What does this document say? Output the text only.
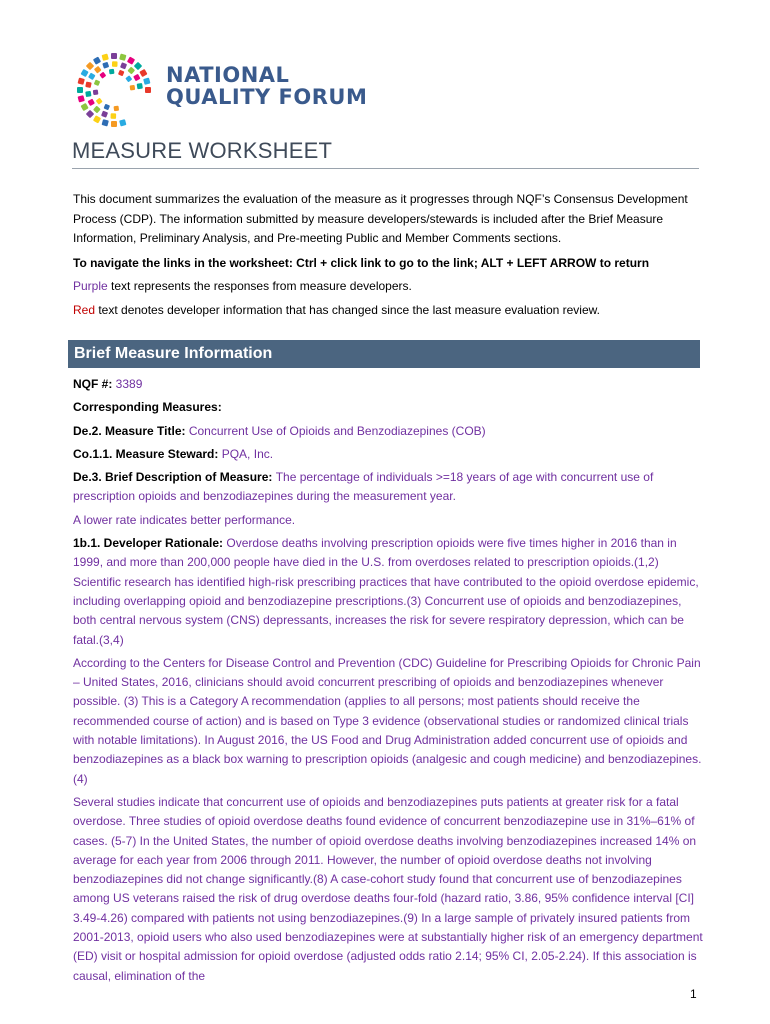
NATIONAL
QUALITY FORUM
MEASURE WORKSHEET

This document summarizes the evaluation of the measure as it progresses through NQF’s Consensus Development Process (CDP). The information submitted by measure developers/stewards is included after the Brief Measure Information, Preliminary Analysis, and Pre-meeting Public and Member Comments sections.

To navigate the links in the worksheet: Ctrl + click link to go to the link; ALT + LEFT ARROW to return

Purple text represents the responses from measure developers.

Red text denotes developer information that has changed since the last measure evaluation review.

Brief Measure Information

NQF #: 3389

Corresponding Measures:

De.2. Measure Title: Concurrent Use of Opioids and Benzodiazepines (COB)

Co.1.1. Measure Steward: PQA, Inc.

De.3. Brief Description of Measure: The percentage of individuals >=18 years of age with concurrent use of prescription opioids and benzodiazepines during the measurement year.

A lower rate indicates better performance.

1b.1. Developer Rationale: Overdose deaths involving prescription opioids were five times higher in 2016 than in 1999, and more than 200,000 people have died in the U.S. from overdoses related to prescription opioids.(1,2) Scientific research has identified high-risk prescribing practices that have contributed to the opioid overdose epidemic, including overlapping opioid and benzodiazepine prescriptions.(3) Concurrent use of opioids and benzodiazepines, both central nervous system (CNS) depressants, increases the risk for severe respiratory depression, which can be fatal.(3,4)

According to the Centers for Disease Control and Prevention (CDC) Guideline for Prescribing Opioids for Chronic Pain – United States, 2016, clinicians should avoid concurrent prescribing of opioids and benzodiazepines whenever possible. (3) This is a Category A recommendation (applies to all persons; most patients should receive the recommended course of action) and is based on Type 3 evidence (observational studies or randomized clinical trials with notable limitations). In August 2016, the US Food and Drug Administration added concurrent use of opioids and benzodiazepines as a black box warning to prescription opioids (analgesic and cough medicine) and benzodiazepines. (4)

Several studies indicate that concurrent use of opioids and benzodiazepines puts patients at greater risk for a fatal overdose. Three studies of opioid overdose deaths found evidence of concurrent benzodiazepine use in 31%–61% of cases. (5-7) In the United States, the number of opioid overdose deaths involving benzodiazepines increased 14% on average for each year from 2006 through 2011. However, the number of opioid overdose deaths not involving benzodiazepines did not change significantly.(8) A case-cohort study found that concurrent use of benzodiazepines among US veterans raised the risk of drug overdose deaths four-fold (hazard ratio, 3.86, 95% confidence interval [CI] 3.49-4.26) compared with patients not using benzodiazepines.(9) In a large sample of privately insured patients from 2001-2013, opioid users who also used benzodiazepines were at substantially higher risk of an emergency department (ED) visit or hospital admission for opioid overdose (adjusted odds ratio 2.14; 95% CI, 2.05-2.24). If this association is causal, elimination of the

1
